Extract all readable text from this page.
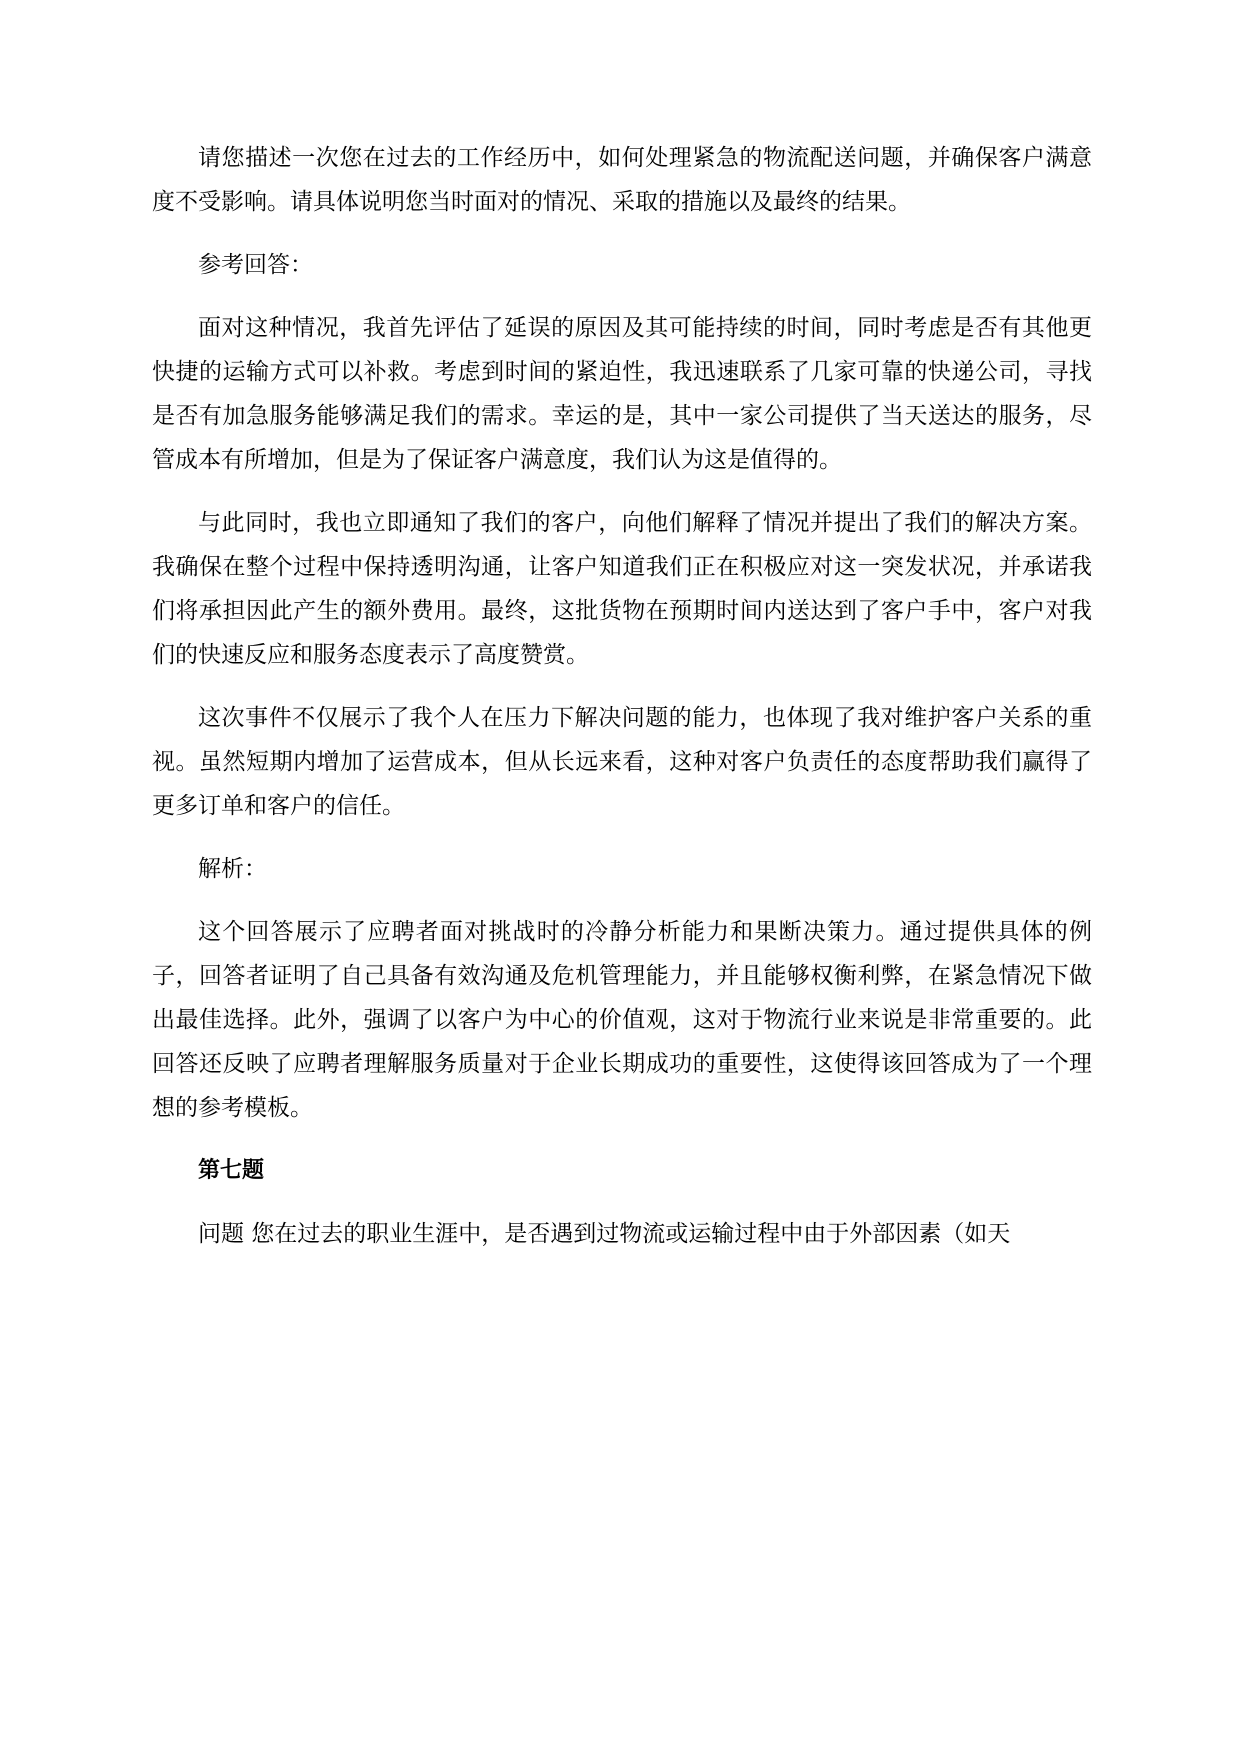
请您描述一次您在过去的工作经历中，如何处理紧急的物流配送问题，并确保客户满意度不受影响。请具体说明您当时面对的情况、采取的措施以及最终的结果。

参考回答：

面对这种情况，我首先评估了延误的原因及其可能持续的时间，同时考虑是否有其他更快捷的运输方式可以补救。考虑到时间的紧迫性，我迅速联系了几家可靠的快递公司，寻找是否有加急服务能够满足我们的需求。幸运的是，其中一家公司提供了当天送达的服务，尽管成本有所增加，但是为了保证客户满意度，我们认为这是值得的。

与此同时，我也立即通知了我们的客户，向他们解释了情况并提出了我们的解决方案。我确保在整个过程中保持透明沟通，让客户知道我们正在积极应对这一突发状况，并承诺我们将承担因此产生的额外费用。最终，这批货物在预期时间内送达到了客户手中，客户对我们的快速反应和服务态度表示了高度赞赏。

这次事件不仅展示了我个人在压力下解决问题的能力，也体现了我对维护客户关系的重视。虽然短期内增加了运营成本，但从长远来看，这种对客户负责任的态度帮助我们赢得了更多订单和客户的信任。

解析：

这个回答展示了应聘者面对挑战时的冷静分析能力和果断决策力。通过提供具体的例子，回答者证明了自己具备有效沟通及危机管理能力，并且能够权衡利弊，在紧急情况下做出最佳选择。此外，强调了以客户为中心的价值观，这对于物流行业来说是非常重要的。此回答还反映了应聘者理解服务质量对于企业长期成功的重要性，这使得该回答成为了一个理想的参考模板。

第七题

问题 您在过去的职业生涯中，是否遇到过物流或运输过程中由于外部因素（如天
